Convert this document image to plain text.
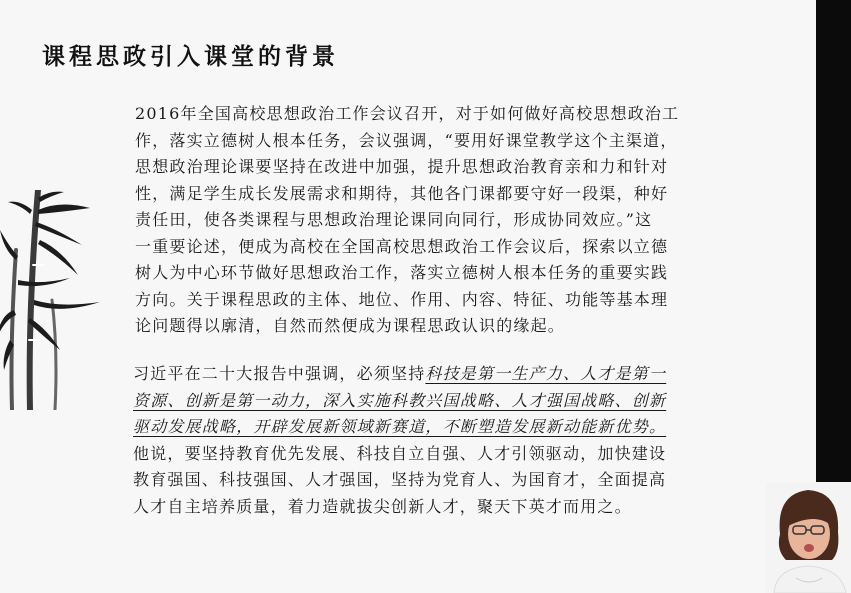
课程思政引入课堂的背景
2016年全国高校思想政治工作会议召开，对于如何做好高校思想政治工
作，落实立德树人根本任务，会议强调，“要用好课堂教学这个主渠道，
思想政治理论课要坚持在改进中加强，提升思想政治教育亲和力和针对
性，满足学生成长发展需求和期待，其他各门课都要守好一段渠，种好
责任田，使各类课程与思想政治理论课同向同行，形成协同效应。”这
一重要论述，便成为高校在全国高校思想政治工作会议后，探索以立德
树人为中心环节做好思想政治工作，落实立德树人根本任务的重要实践
方向。关于课程思政的主体、地位、作用、内容、特征、功能等基本理
论问题得以廓清，自然而然便成为课程思政认识的缘起。
习近平在二十大报告中强调，必须坚持科技是第一生产力、人才是第一
资源、创新是第一动力，深入实施科教兴国战略、人才强国战略、创新
驱动发展战略，开辟发展新领域新赛道，不断塑造发展新动能新优势。
他说，要坚持教育优先发展、科技自立自强、人才引领驱动，加快建设
教育强国、科技强国、人才强国，坚持为党育人、为国育才，全面提高
人才自主培养质量，着力造就拔尖创新人才，聚天下英才而用之。
